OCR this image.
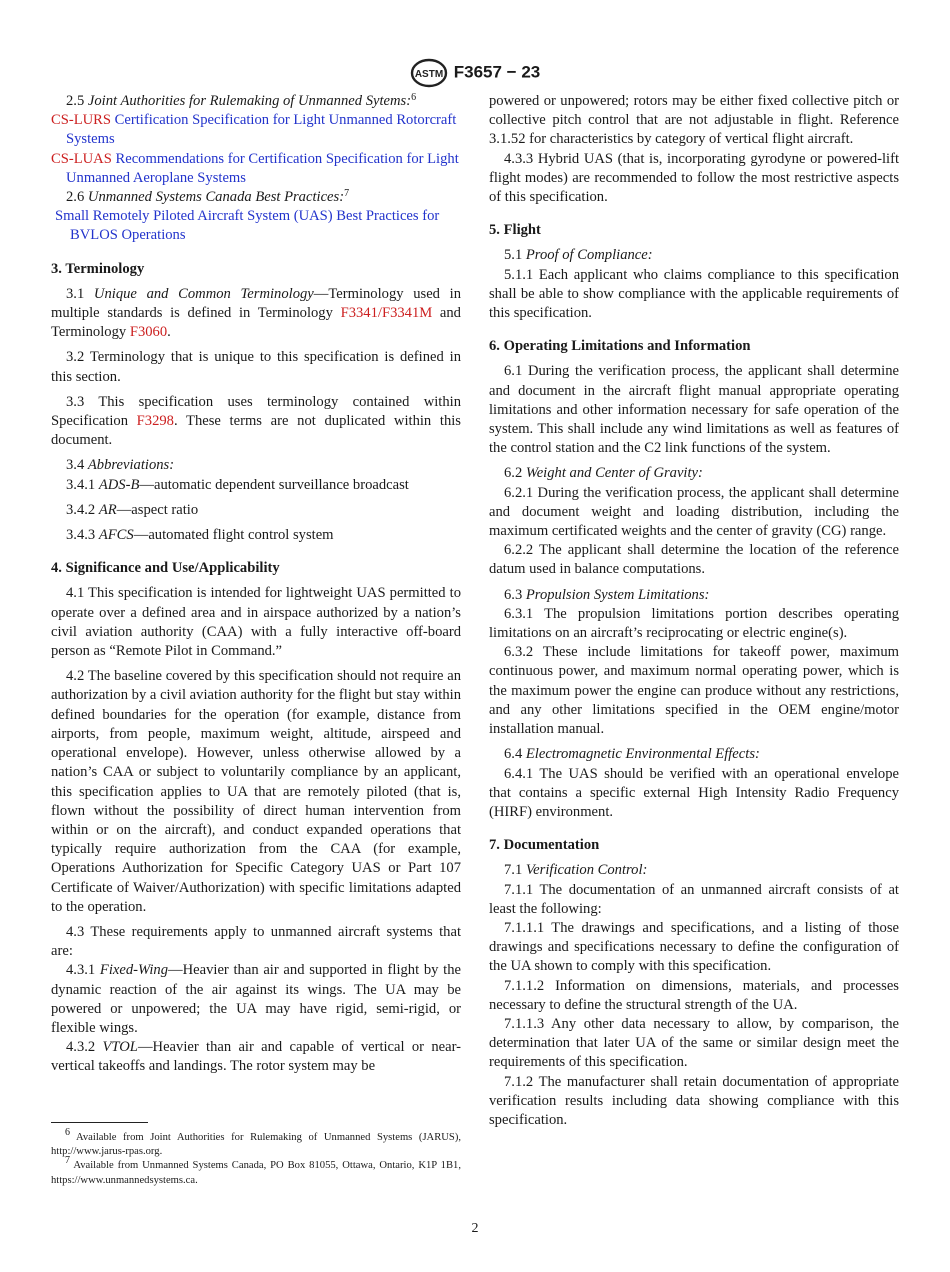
ASTM F3657 − 23

2.5 Joint Authorities for Rulemaking of Unmanned Sytems:$^6$

CS-LURS Certification Specification for Light Unmanned Rotorcraft Systems

CS-LUAS Recommendations for Certification Specification for Light Unmanned Aeroplane Systems

2.6 Unmanned Systems Canada Best Practices:$^7$

Small Remotely Piloted Aircraft System (UAS) Best Practices for BVLOS Operations

3. Terminology

3.1 Unique and Common Terminology—Terminology used in multiple standards is defined in Terminology F3341/F3341M and Terminology F3060.

3.2 Terminology that is unique to this specification is defined in this section.

3.3 This specification uses terminology contained within Specification F3298. These terms are not duplicated within this document.

3.4 Abbreviations:

3.4.1 ADS-B—automatic dependent surveillance broadcast

3.4.2 AR—aspect ratio

3.4.3 AFCS—automated flight control system

4. Significance and Use/Applicability

4.1 This specification is intended for lightweight UAS permitted to operate over a defined area and in airspace authorized by a nation’s civil aviation authority (CAA) with a fully interactive off-board person as “Remote Pilot in Command.”

4.2 The baseline covered by this specification should not require an authorization by a civil aviation authority for the flight but stay within defined boundaries for the operation (for example, distance from airports, from people, maximum weight, altitude, airspeed and operational envelope). However, unless otherwise allowed by a nation’s CAA or subject to voluntarily compliance by an applicant, this specification applies to UA that are remotely piloted (that is, flown without the possibility of direct human intervention from within or on the aircraft), and conduct expanded operations that typically require authorization from the CAA (for example, Operations Authorization for Specific Category UAS or Part 107 Certificate of Waiver/Authorization) with specific limitations adapted to the operation.

4.3 These requirements apply to unmanned aircraft systems that are:

4.3.1 Fixed-Wing—Heavier than air and supported in flight by the dynamic reaction of the air against its wings. The UA may be powered or unpowered; the UA may have rigid, semi-rigid, or flexible wings.

4.3.2 VTOL—Heavier than air and capable of vertical or near-vertical takeoffs and landings. The rotor system may be

powered or unpowered; rotors may be either fixed collective pitch or collective pitch control that are not adjustable in flight. Reference 3.1.52 for characteristics by category of vertical flight aircraft.

4.3.3 Hybrid UAS (that is, incorporating gyrodyne or powered-lift flight modes) are recommended to follow the most restrictive aspects of this specification.

5. Flight

5.1 Proof of Compliance:

5.1.1 Each applicant who claims compliance to this specification shall be able to show compliance with the applicable requirements of this specification.

6. Operating Limitations and Information

6.1 During the verification process, the applicant shall determine and document in the aircraft flight manual appropriate operating limitations and other information necessary for safe operation of the system. This shall include any wind limitations as well as features of the control station and the C2 link functions of the system.

6.2 Weight and Center of Gravity:

6.2.1 During the verification process, the applicant shall determine and document weight and loading distribution, including the maximum certificated weights and the center of gravity (CG) range.

6.2.2 The applicant shall determine the location of the reference datum used in balance computations.

6.3 Propulsion System Limitations:

6.3.1 The propulsion limitations portion describes operating limitations on an aircraft’s reciprocating or electric engine(s).

6.3.2 These include limitations for takeoff power, maximum continuous power, and maximum normal operating power, which is the maximum power the engine can produce without any restrictions, and any other limitations specified in the OEM engine/motor installation manual.

6.4 Electromagnetic Environmental Effects:

6.4.1 The UAS should be verified with an operational envelope that contains a specific external High Intensity Radio Frequency (HIRF) environment.

7. Documentation

7.1 Verification Control:

7.1.1 The documentation of an unmanned aircraft consists of at least the following:

7.1.1.1 The drawings and specifications, and a listing of those drawings and specifications necessary to define the configuration of the UA shown to comply with this specification.

7.1.1.2 Information on dimensions, materials, and processes necessary to define the structural strength of the UA.

7.1.1.3 Any other data necessary to allow, by comparison, the determination that later UA of the same or similar design meet the requirements of this specification.

7.1.2 The manufacturer shall retain documentation of appropriate verification results including data showing compliance with this specification.

$^6$ Available from Joint Authorities for Rulemaking of Unmanned Systems (JARUS), http://www.jarus-rpas.org.

$^7$ Available from Unmanned Systems Canada, PO Box 81055, Ottawa, Ontario, K1P 1B1, https://www.unmannedsystems.ca.

2
